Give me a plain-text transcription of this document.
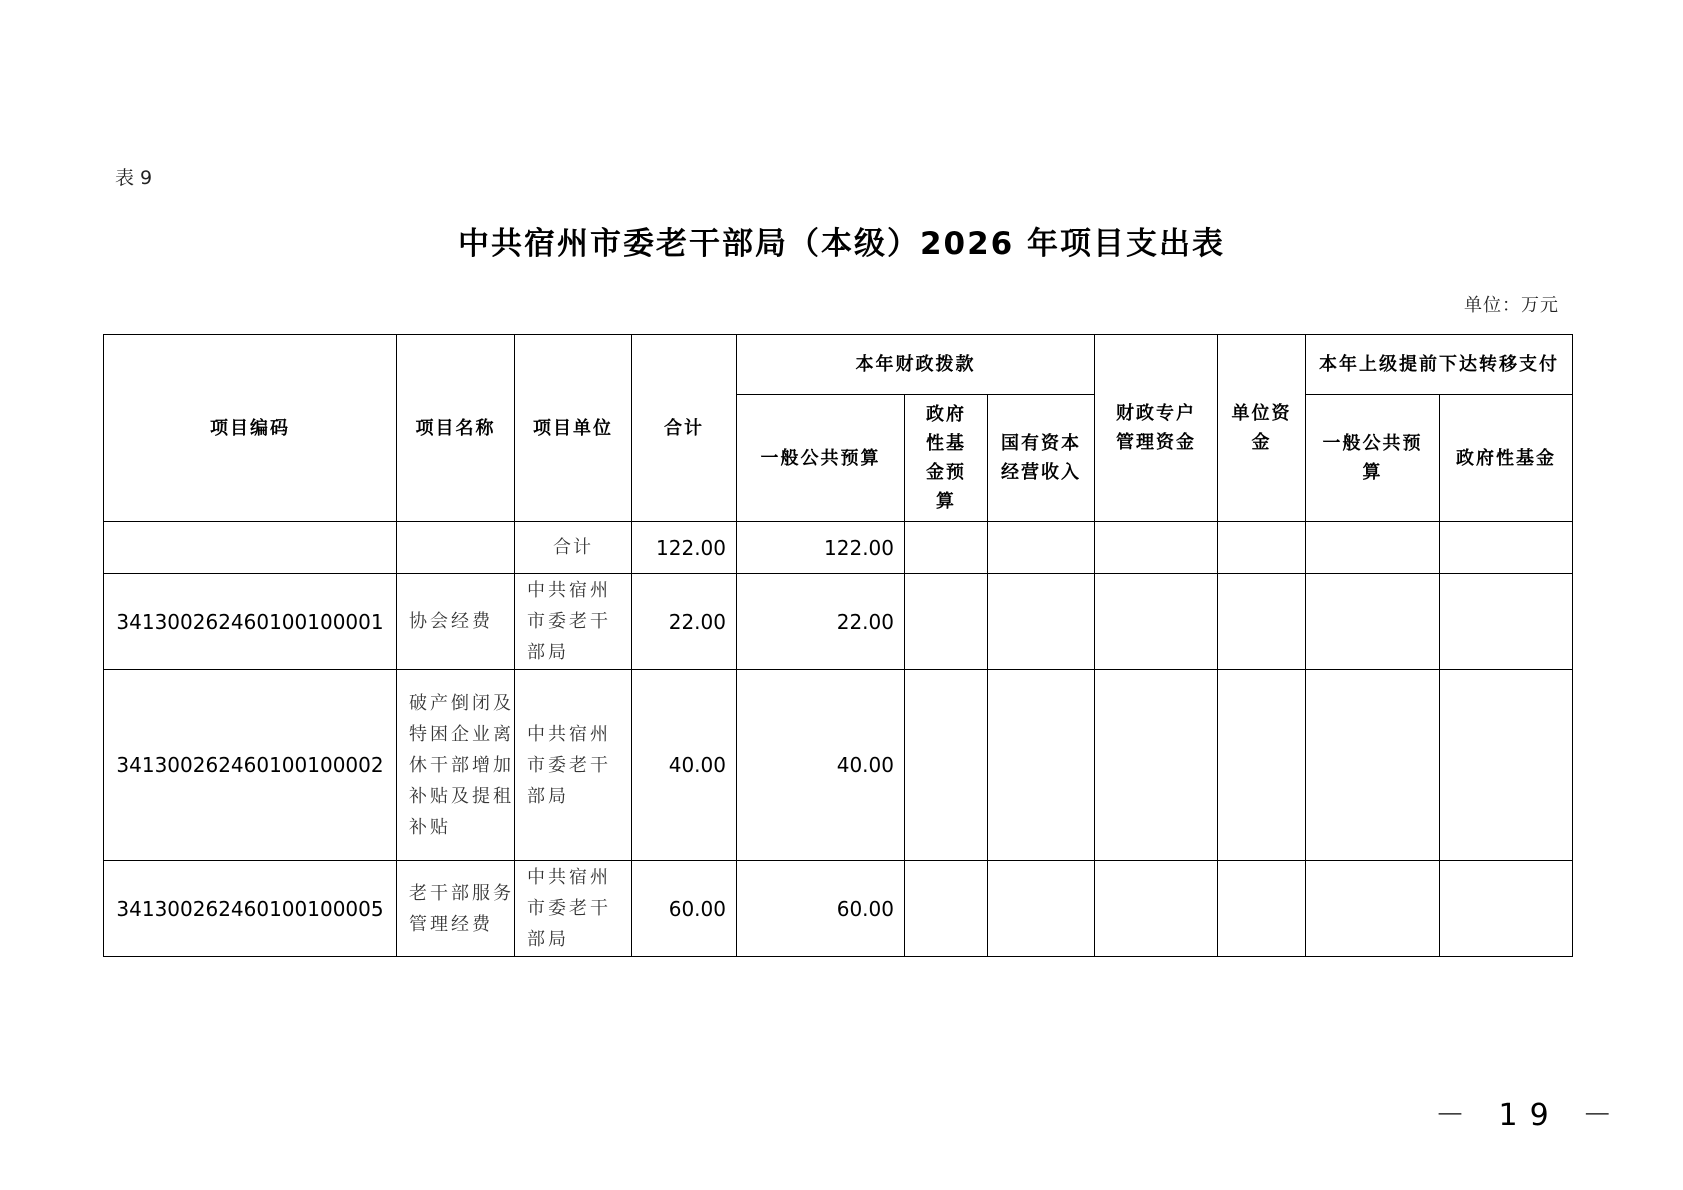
表 9
中共宿州市委老干部局（本级）2026 年项目支出表
单位：万元
项目编码	项目名称	项目单位	合计	本年财政拨款			财政专户管理资金	单位资金	本年上级提前下达转移支付	
				一般公共预算	政府性基金预算	国有资本经营收入			一般公共预算	政府性基金
		合计	122.00	122.00						
341300262460100100001	协会经费	中共宿州市委老干部局	22.00	22.00						
341300262460100100002	破产倒闭及特困企业离休干部增加补贴及提租补贴	中共宿州市委老干部局	40.00	40.00						
341300262460100100005	老干部服务管理经费	中共宿州市委老干部局	60.00	60.00						
－ 19 －
